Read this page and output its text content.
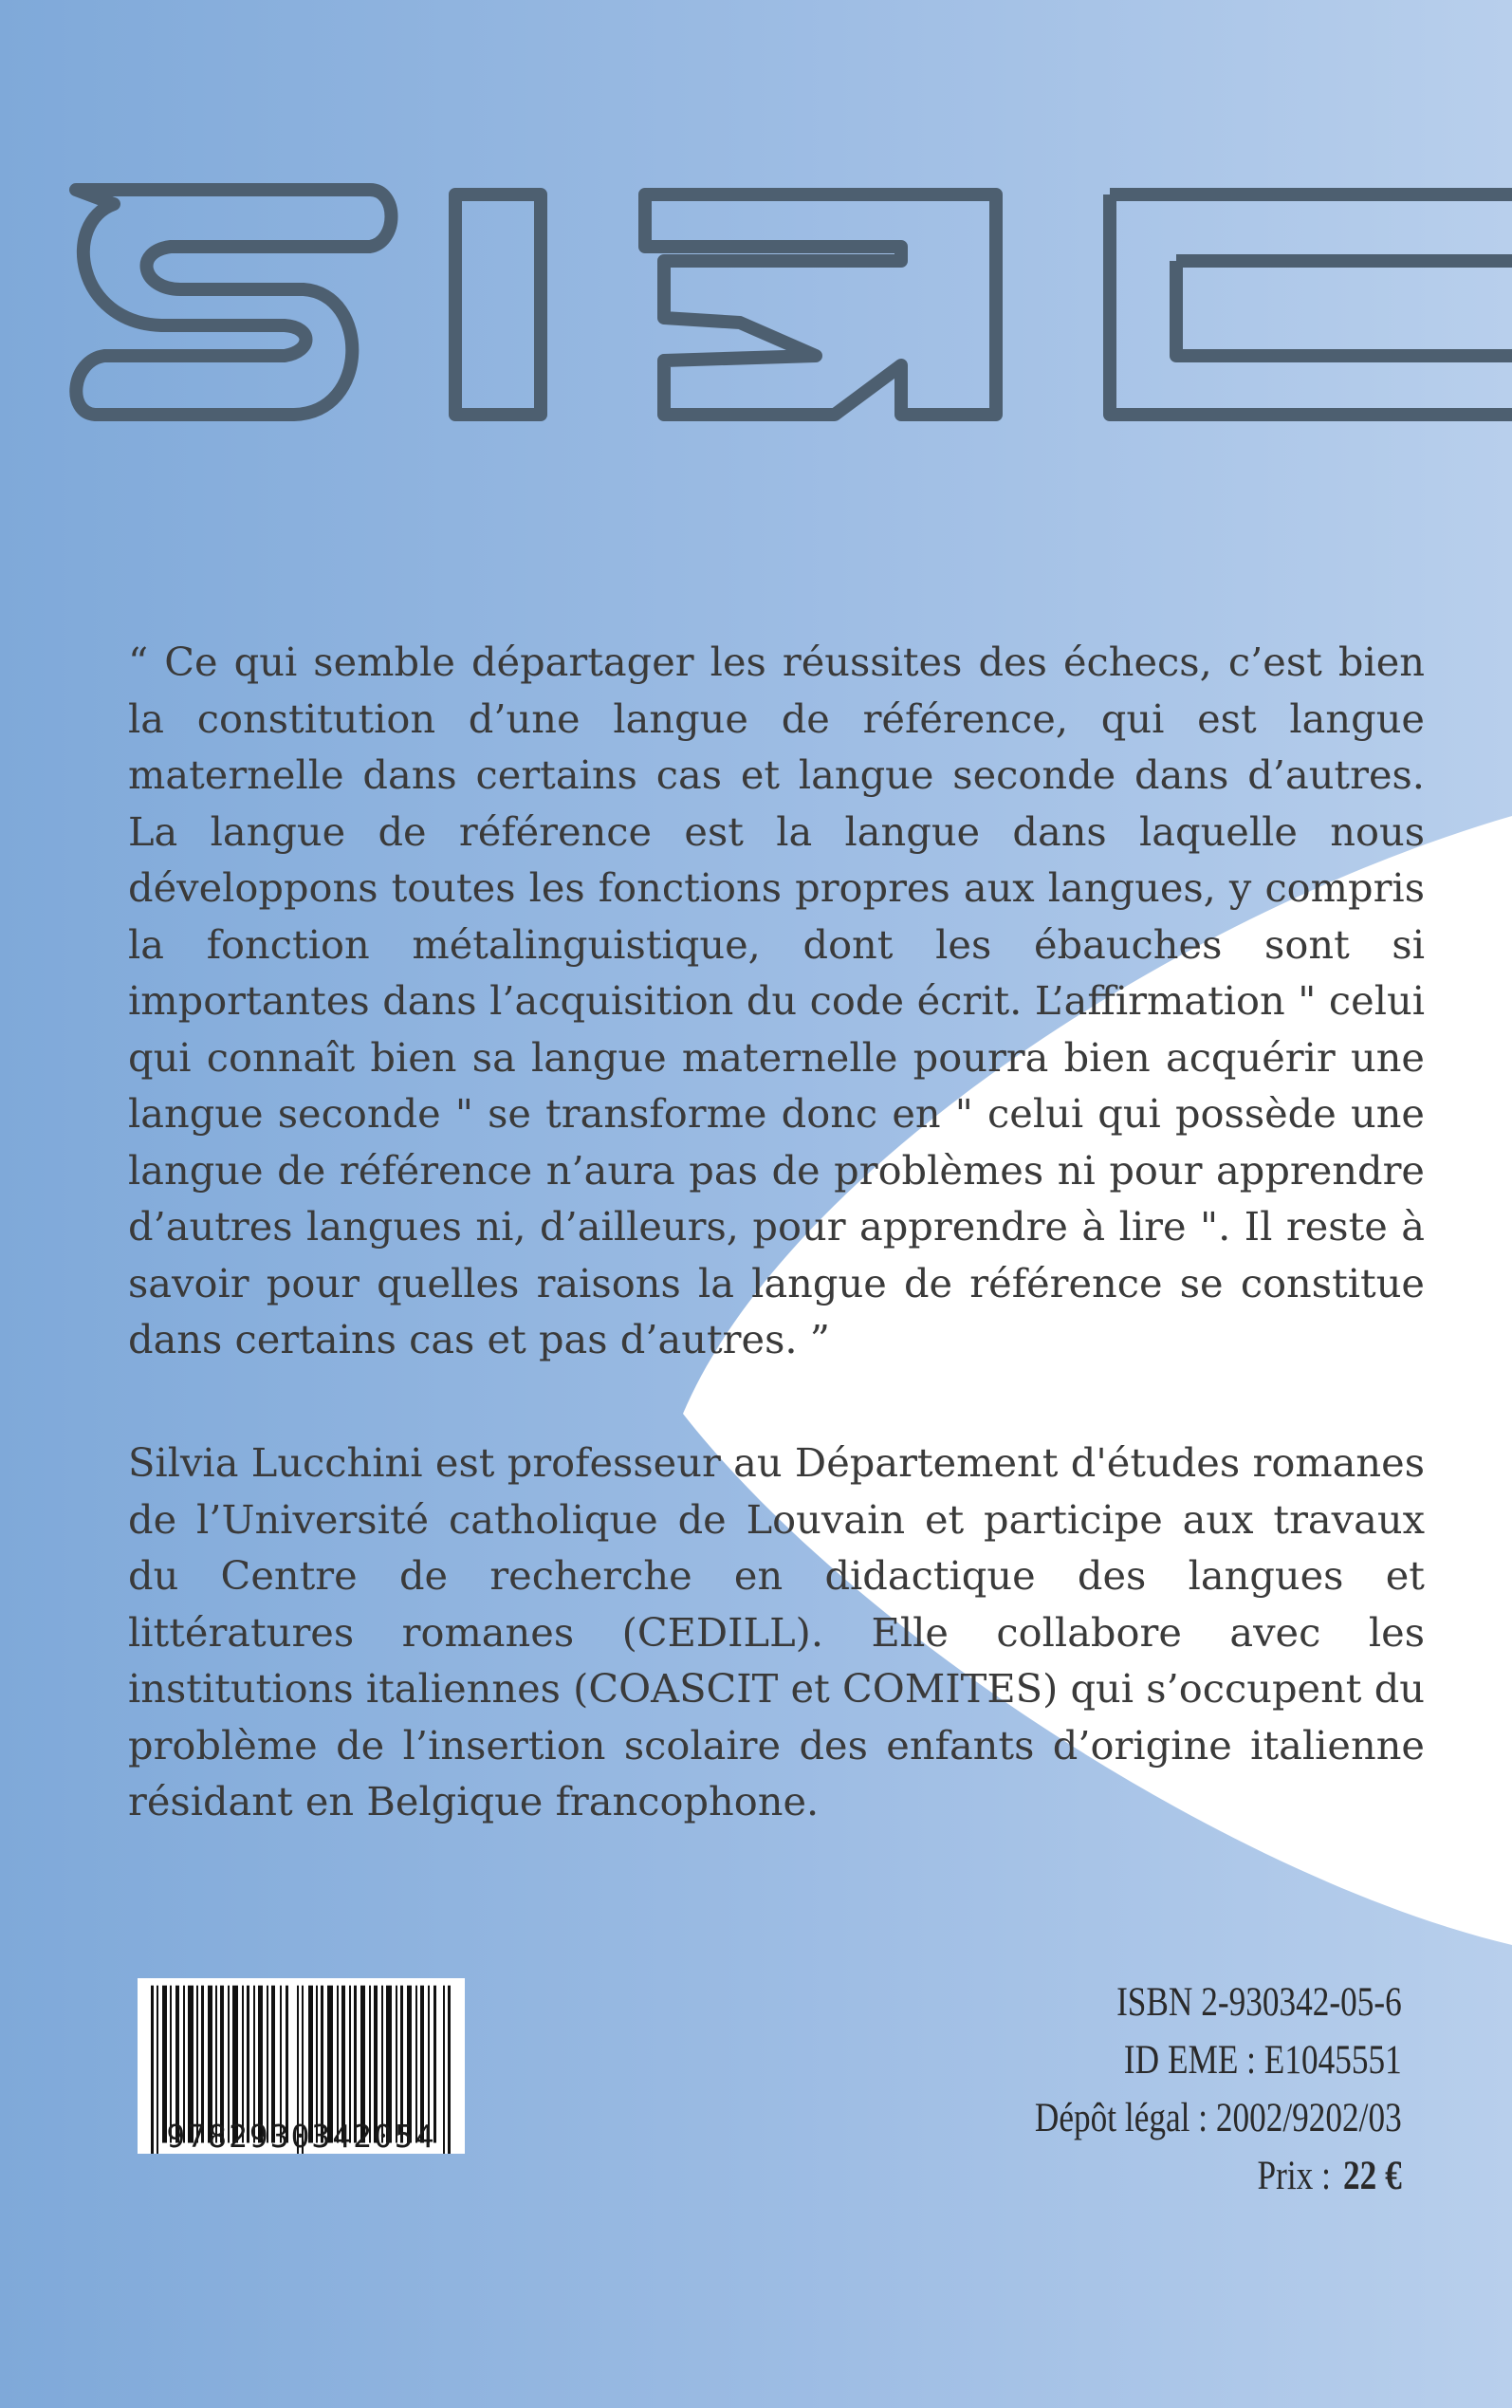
“ Ce qui semble départager les réussites des échecs, c’est bien la constitution d’une langue de référence, qui est langue maternelle dans certains cas et langue seconde dans d’autres. La langue de référence est la langue dans laquelle nous développons toutes les fonctions propres aux langues, y compris la fonction métalinguistique, dont les ébauches sont si importantes dans l’acquisition du code écrit. L’affirmation " celui qui connaît bien sa langue maternelle pourra bien acquérir une langue seconde " se transforme donc en " celui qui possède une langue de référence n’aura pas de problèmes ni pour apprendre d’autres langues ni, d’ailleurs, pour apprendre à lire ". Il reste à savoir pour quelles raisons la langue de référence se constitue dans certains cas et pas d’autres. ”
Silvia Lucchini est professeur au Département d'études romanes de l’Université catholique de Louvain et participe aux travaux du Centre de recherche en didactique des langues et littératures romanes (CEDILL). Elle collabore avec les institutions italiennes (COASCIT et COMITES) qui s’occupent du problème de l’insertion scolaire des enfants d’origine italienne résidant en Belgique francophone.
9782930342054
ISBN 2-930342-05-6
ID EME : E1045551
Dépôt légal : 2002/9202/03
Prix : 22 €
